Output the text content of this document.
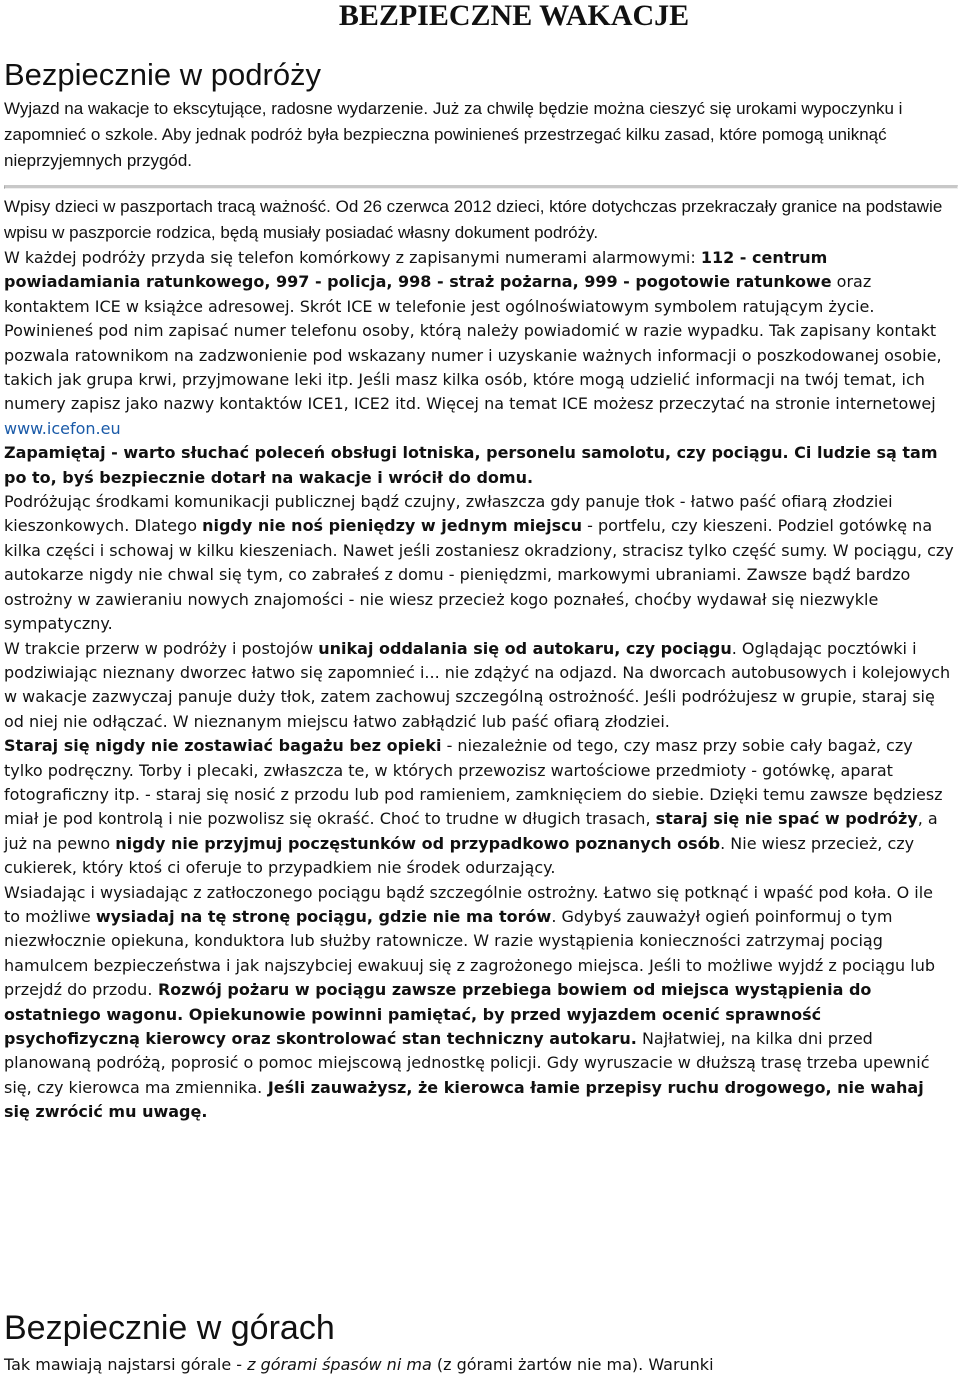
BEZPIECZNE WAKACJE
Bezpiecznie w podróży

Wyjazd na wakacje to ekscytujące, radosne wydarzenie. Już za chwilę będzie można cieszyć się urokami wypoczynku i zapomnieć o szkole. Aby jednak podróż była bezpieczna powinieneś przestrzegać kilku zasad, które pomogą uniknąć nieprzyjemnych przygód.

Wpisy dzieci w paszportach tracą ważność. Od 26 czerwca 2012 dzieci, które dotychczas przekraczały granice na podstawie wpisu w paszporcie rodzica, będą musiały posiadać własny dokument podróży.

W każdej podróży przyda się telefon komórkowy z zapisanymi numerami alarmowymi: 112 - centrum powiadamiania ratunkowego, 997 - policja, 998 - straż pożarna, 999 - pogotowie ratunkowe oraz kontaktem ICE w książce adresowej. Skrót ICE w telefonie jest ogólnoświatowym symbolem ratującym życie. Powinieneś pod nim zapisać numer telefonu osoby, którą należy powiadomić w razie wypadku. Tak zapisany kontakt pozwala ratownikom na zadzwonienie pod wskazany numer i uzyskanie ważnych informacji o poszkodowanej osobie, takich jak grupa krwi, przyjmowane leki itp. Jeśli masz kilka osób, które mogą udzielić informacji na twój temat, ich numery zapisz jako nazwy kontaktów ICE1, ICE2 itd. Więcej na temat ICE możesz przeczytać na stronie internetowej www.icefon.eu

Zapamiętaj - warto słuchać poleceń obsługi lotniska, personelu samolotu, czy pociągu. Ci ludzie są tam po to, byś bezpiecznie dotarł na wakacje i wrócił do domu.

Podróżując środkami komunikacji publicznej bądź czujny, zwłaszcza gdy panuje tłok - łatwo paść ofiarą złodziei kieszonkowych. Dlatego nigdy nie noś pieniędzy w jednym miejscu - portfelu, czy kieszeni. Podziel gotówkę na kilka części i schowaj w kilku kieszeniach. Nawet jeśli zostaniesz okradziony, stracisz tylko część sumy. W pociągu, czy autokarze nigdy nie chwal się tym, co zabrałeś z domu - pieniędzmi, markowymi ubraniami. Zawsze bądź bardzo ostrożny w zawieraniu nowych znajomości - nie wiesz przecież kogo poznałeś, choćby wydawał się niezwykle sympatyczny.

W trakcie przerw w podróży i postojów unikaj oddalania się od autokaru, czy pociągu. Oglądając pocztówki i podziwiając nieznany dworzec łatwo się zapomnieć i... nie zdążyć na odjazd. Na dworcach autobusowych i kolejowych w wakacje zazwyczaj panuje duży tłok, zatem zachowuj szczególną ostrożność. Jeśli podróżujesz w grupie, staraj się od niej nie odłączać. W nieznanym miejscu łatwo zabłądzić lub paść ofiarą złodziei.

Staraj się nigdy nie zostawiać bagażu bez opieki - niezależnie od tego, czy masz przy sobie cały bagaż, czy tylko podręczny. Torby i plecaki, zwłaszcza te, w których przewozisz wartościowe przedmioty - gotówkę, aparat fotograficzny itp. - staraj się nosić z przodu lub pod ramieniem, zamknięciem do siebie. Dzięki temu zawsze będziesz miał je pod kontrolą i nie pozwolisz się okraść. Choć to trudne w długich trasach, staraj się nie spać w podróży, a już na pewno nigdy nie przyjmuj poczęstunków od przypadkowo poznanych osób. Nie wiesz przecież, czy cukierek, który ktoś ci oferuje to przypadkiem nie środek odurzający.

Wsiadając i wysiadając z zatłoczonego pociągu bądź szczególnie ostrożny. Łatwo się potknąć i wpaść pod koła. O ile to możliwe wysiadaj na tę stronę pociągu, gdzie nie ma torów. Gdybyś zauważył ogień poinformuj o tym niezwłocznie opiekuna, konduktora lub służby ratownicze. W razie wystąpienia konieczności zatrzymaj pociąg hamulcem bezpieczeństwa i jak najszybciej ewakuuj się z zagrożonego miejsca. Jeśli to możliwe wyjdź z pociągu lub przejdź do przodu. Rozwój pożaru w pociągu zawsze przebiega bowiem od miejsca wystąpienia do ostatniego wagonu. Opiekunowie powinni pamiętać, by przed wyjazdem ocenić sprawność psychofizyczną kierowcy oraz skontrolować stan techniczny autokaru. Najłatwiej, na kilka dni przed planowaną podróżą, poprosić o pomoc miejscową jednostkę policji. Gdy wyruszacie w dłuższą trasę trzeba upewnić się, czy kierowca ma zmiennika. Jeśli zauważysz, że kierowca łamie przepisy ruchu drogowego, nie wahaj się zwrócić mu uwagę.

Bezpiecznie w górach

Tak mawiają najstarsi górale - z górami śpasów ni ma (z górami żartów nie ma). Warunki
